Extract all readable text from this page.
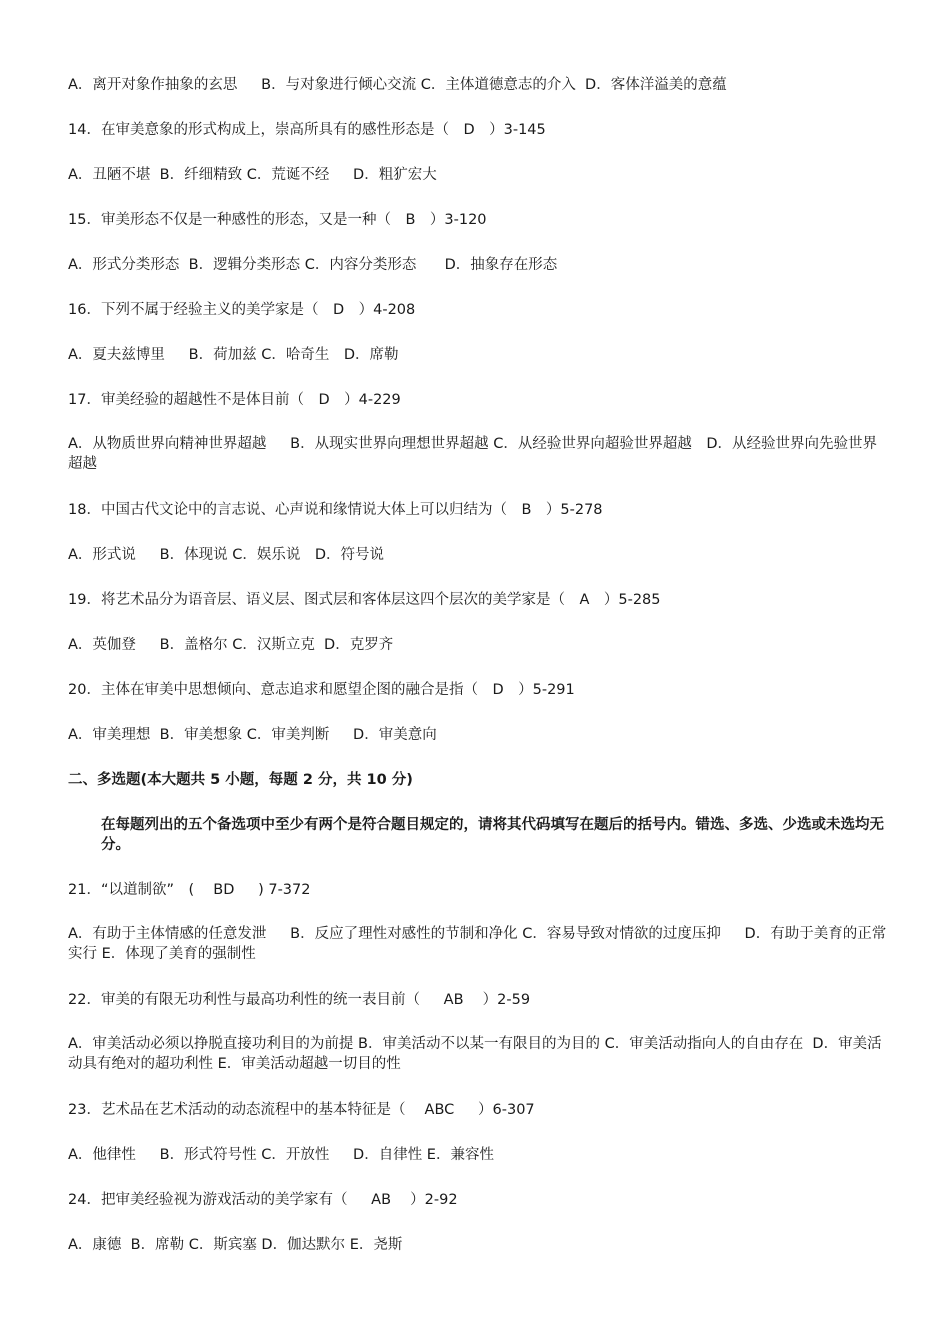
A．离开对象作抽象的玄思　  B．与对象进行倾心交流 C．主体道德意志的介入  D．客体洋溢美的意蕴
14．在审美意象的形式构成上，崇高所具有的感性形态是（　D　）3-145
A．丑陋不堪  B．纤细精致 C．荒诞不经　  D．粗犷宏大
15．审美形态不仅是一种感性的形态，又是一种（　B　）3-120
A．形式分类形态  B．逻辑分类形态 C．内容分类形态　   D．抽象存在形态
16．下列不属于经验主义的美学家是（　D　）4-208
A．夏夫兹博里　  B．荷加兹 C．哈奇生　D．席勒
17．审美经验的超越性不是体目前（　D　）4-229
A．从物质世界向精神世界超越　  B．从现实世界向理想世界超越 C．从经验世界向超验世界超越　D．从经验世界向先验世界超越
18．中国古代文论中的言志说、心声说和缘情说大体上可以归结为（　B　）5-278
A．形式说　  B．体现说 C．娱乐说　D．符号说
19．将艺术品分为语音层、语义层、图式层和客体层这四个层次的美学家是（　A　）5-285
A．英伽登　  B．盖格尔 C．汉斯立克  D．克罗齐
20．主体在审美中思想倾向、意志追求和愿望企图的融合是指（　D　）5-291
A．审美理想  B．审美想象 C．审美判断　  D．审美意向
二、多选题(本大题共 5 小题，每题 2 分，共 10 分)
在每题列出的五个备选项中至少有两个是符合题目规定的，请将其代码填写在题后的括号内。错选、多选、少选或未选均无分。
21．“以道制欲”　(　 BD　  ) 7-372
A．有助于主体情感的任意发泄　  B．反应了理性对感性的节制和净化 C．容易导致对情欲的过度压抑　  D．有助于美育的正常实行 E．体现了美育的强制性
22．审美的有限无功利性与最高功利性的统一表目前（　  AB　 ）2-59
A．审美活动必须以挣脱直接功利目的为前提 B．审美活动不以某一有限目的为目的 C．审美活动指向人的自由存在  D．审美活动具有绝对的超功利性 E．审美活动超越一切目的性
23．艺术品在艺术活动的动态流程中的基本特征是（　 ABC　  ）6-307
A．他律性　  B．形式符号性 C．开放性　  D．自律性 E．兼容性
24．把审美经验视为游戏活动的美学家有（　  AB　 ）2-92
A．康德  B．席勒 C．斯宾塞 D．伽达默尔 E．尧斯
